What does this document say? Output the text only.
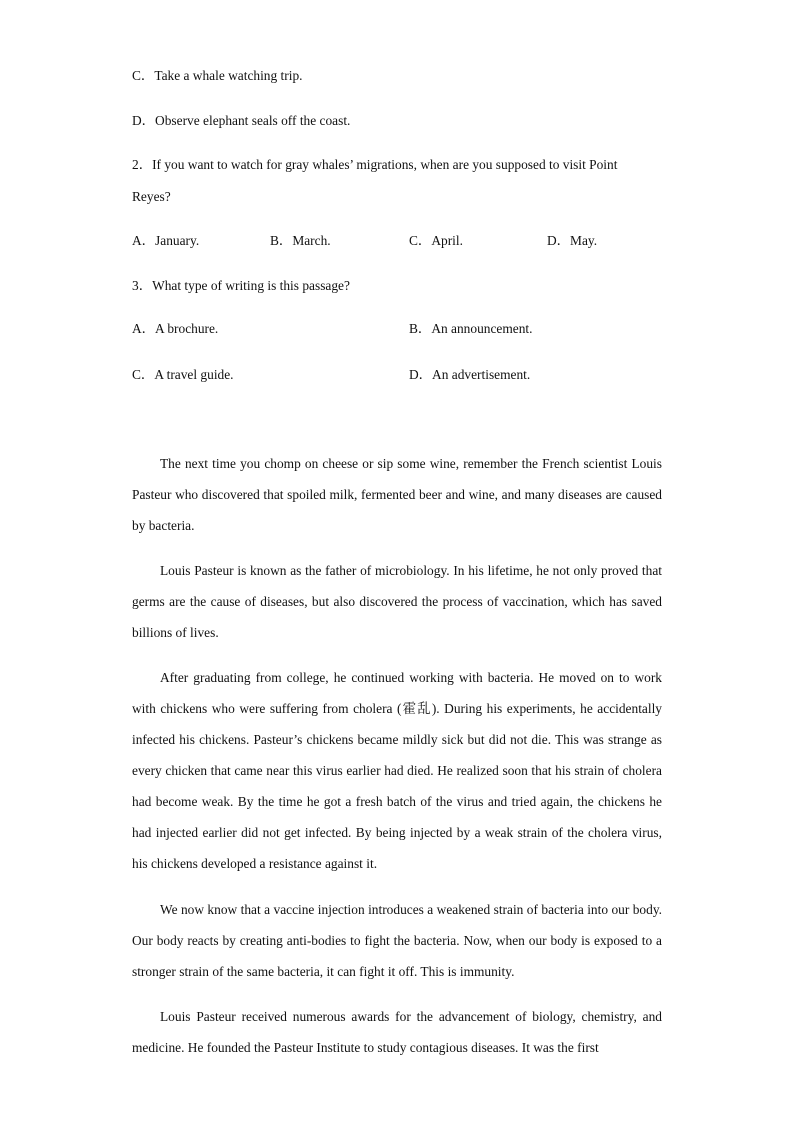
C．Take a whale watching trip.
D．Observe elephant seals off the coast.
2．If you want to watch for gray whales’ migrations, when are you supposed to visit Point
Reyes?
A．January.	B．March.	C．April.	D．May.
3．What type of writing is this passage?
A．A brochure.	B．An announcement.
C．A travel guide.	D．An advertisement.
The next time you chomp on cheese or sip some wine, remember the French scientist Louis Pasteur who discovered that spoiled milk, fermented beer and wine, and many diseases are caused by bacteria.
Louis Pasteur is known as the father of microbiology. In his lifetime, he not only proved that germs are the cause of diseases, but also discovered the process of vaccination, which has saved billions of lives.
After graduating from college, he continued working with bacteria. He moved on to work with chickens who were suffering from cholera (霍乱). During his experiments, he accidentally infected his chickens. Pasteur’s chickens became mildly sick but did not die. This was strange as every chicken that came near this virus earlier had died. He realized soon that his strain of cholera had become weak. By the time he got a fresh batch of the virus and tried again, the chickens he had injected earlier did not get infected. By being injected by a weak strain of the cholera virus, his chickens developed a resistance against it.
We now know that a vaccine injection introduces a weakened strain of bacteria into our body. Our body reacts by creating anti-bodies to fight the bacteria. Now, when our body is exposed to a stronger strain of the same bacteria, it can fight it off. This is immunity.
Louis Pasteur received numerous awards for the advancement of biology, chemistry, and medicine. He founded the Pasteur Institute to study contagious diseases. It was the first
